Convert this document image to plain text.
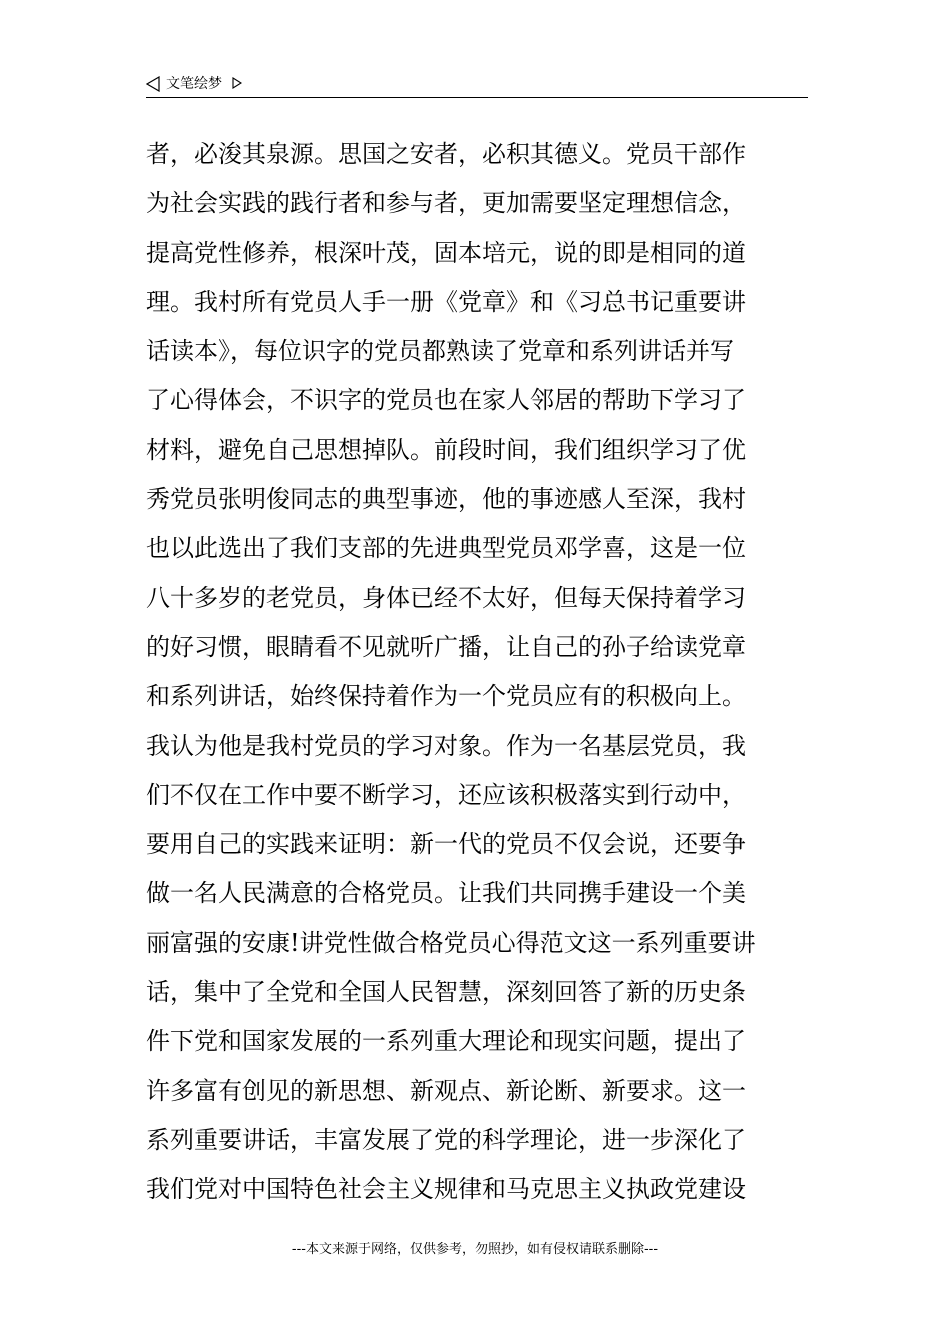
文笔绘梦
者，必浚其泉源。思国之安者，必积其德义。党员干部作
为社会实践的践行者和参与者，更加需要坚定理想信念，
提高党性修养，根深叶茂，固本培元，说的即是相同的道
理。我村所有党员人手一册《党章》和《习总书记重要讲
话读本》，每位识字的党员都熟读了党章和系列讲话并写
了心得体会，不识字的党员也在家人邻居的帮助下学习了
材料，避免自己思想掉队。前段时间，我们组织学习了优
秀党员张明俊同志的典型事迹，他的事迹感人至深，我村
也以此选出了我们支部的先进典型党员邓学喜，这是一位
八十多岁的老党员，身体已经不太好，但每天保持着学习
的好习惯，眼睛看不见就听广播，让自己的孙子给读党章
和系列讲话，始终保持着作为一个党员应有的积极向上。
我认为他是我村党员的学习对象。作为一名基层党员，我
们不仅在工作中要不断学习，还应该积极落实到行动中，
要用自己的实践来证明：新一代的党员不仅会说，还要争
做一名人民满意的合格党员。让我们共同携手建设一个美
丽富强的安康!讲党性做合格党员心得范文这一系列重要讲
话，集中了全党和全国人民智慧，深刻回答了新的历史条
件下党和国家发展的一系列重大理论和现实问题，提出了
许多富有创见的新思想、新观点、新论断、新要求。这一
系列重要讲话，丰富发展了党的科学理论，进一步深化了
我们党对中国特色社会主义规律和马克思主义执政党建设
---本文来源于网络，仅供参考，勿照抄，如有侵权请联系删除---
